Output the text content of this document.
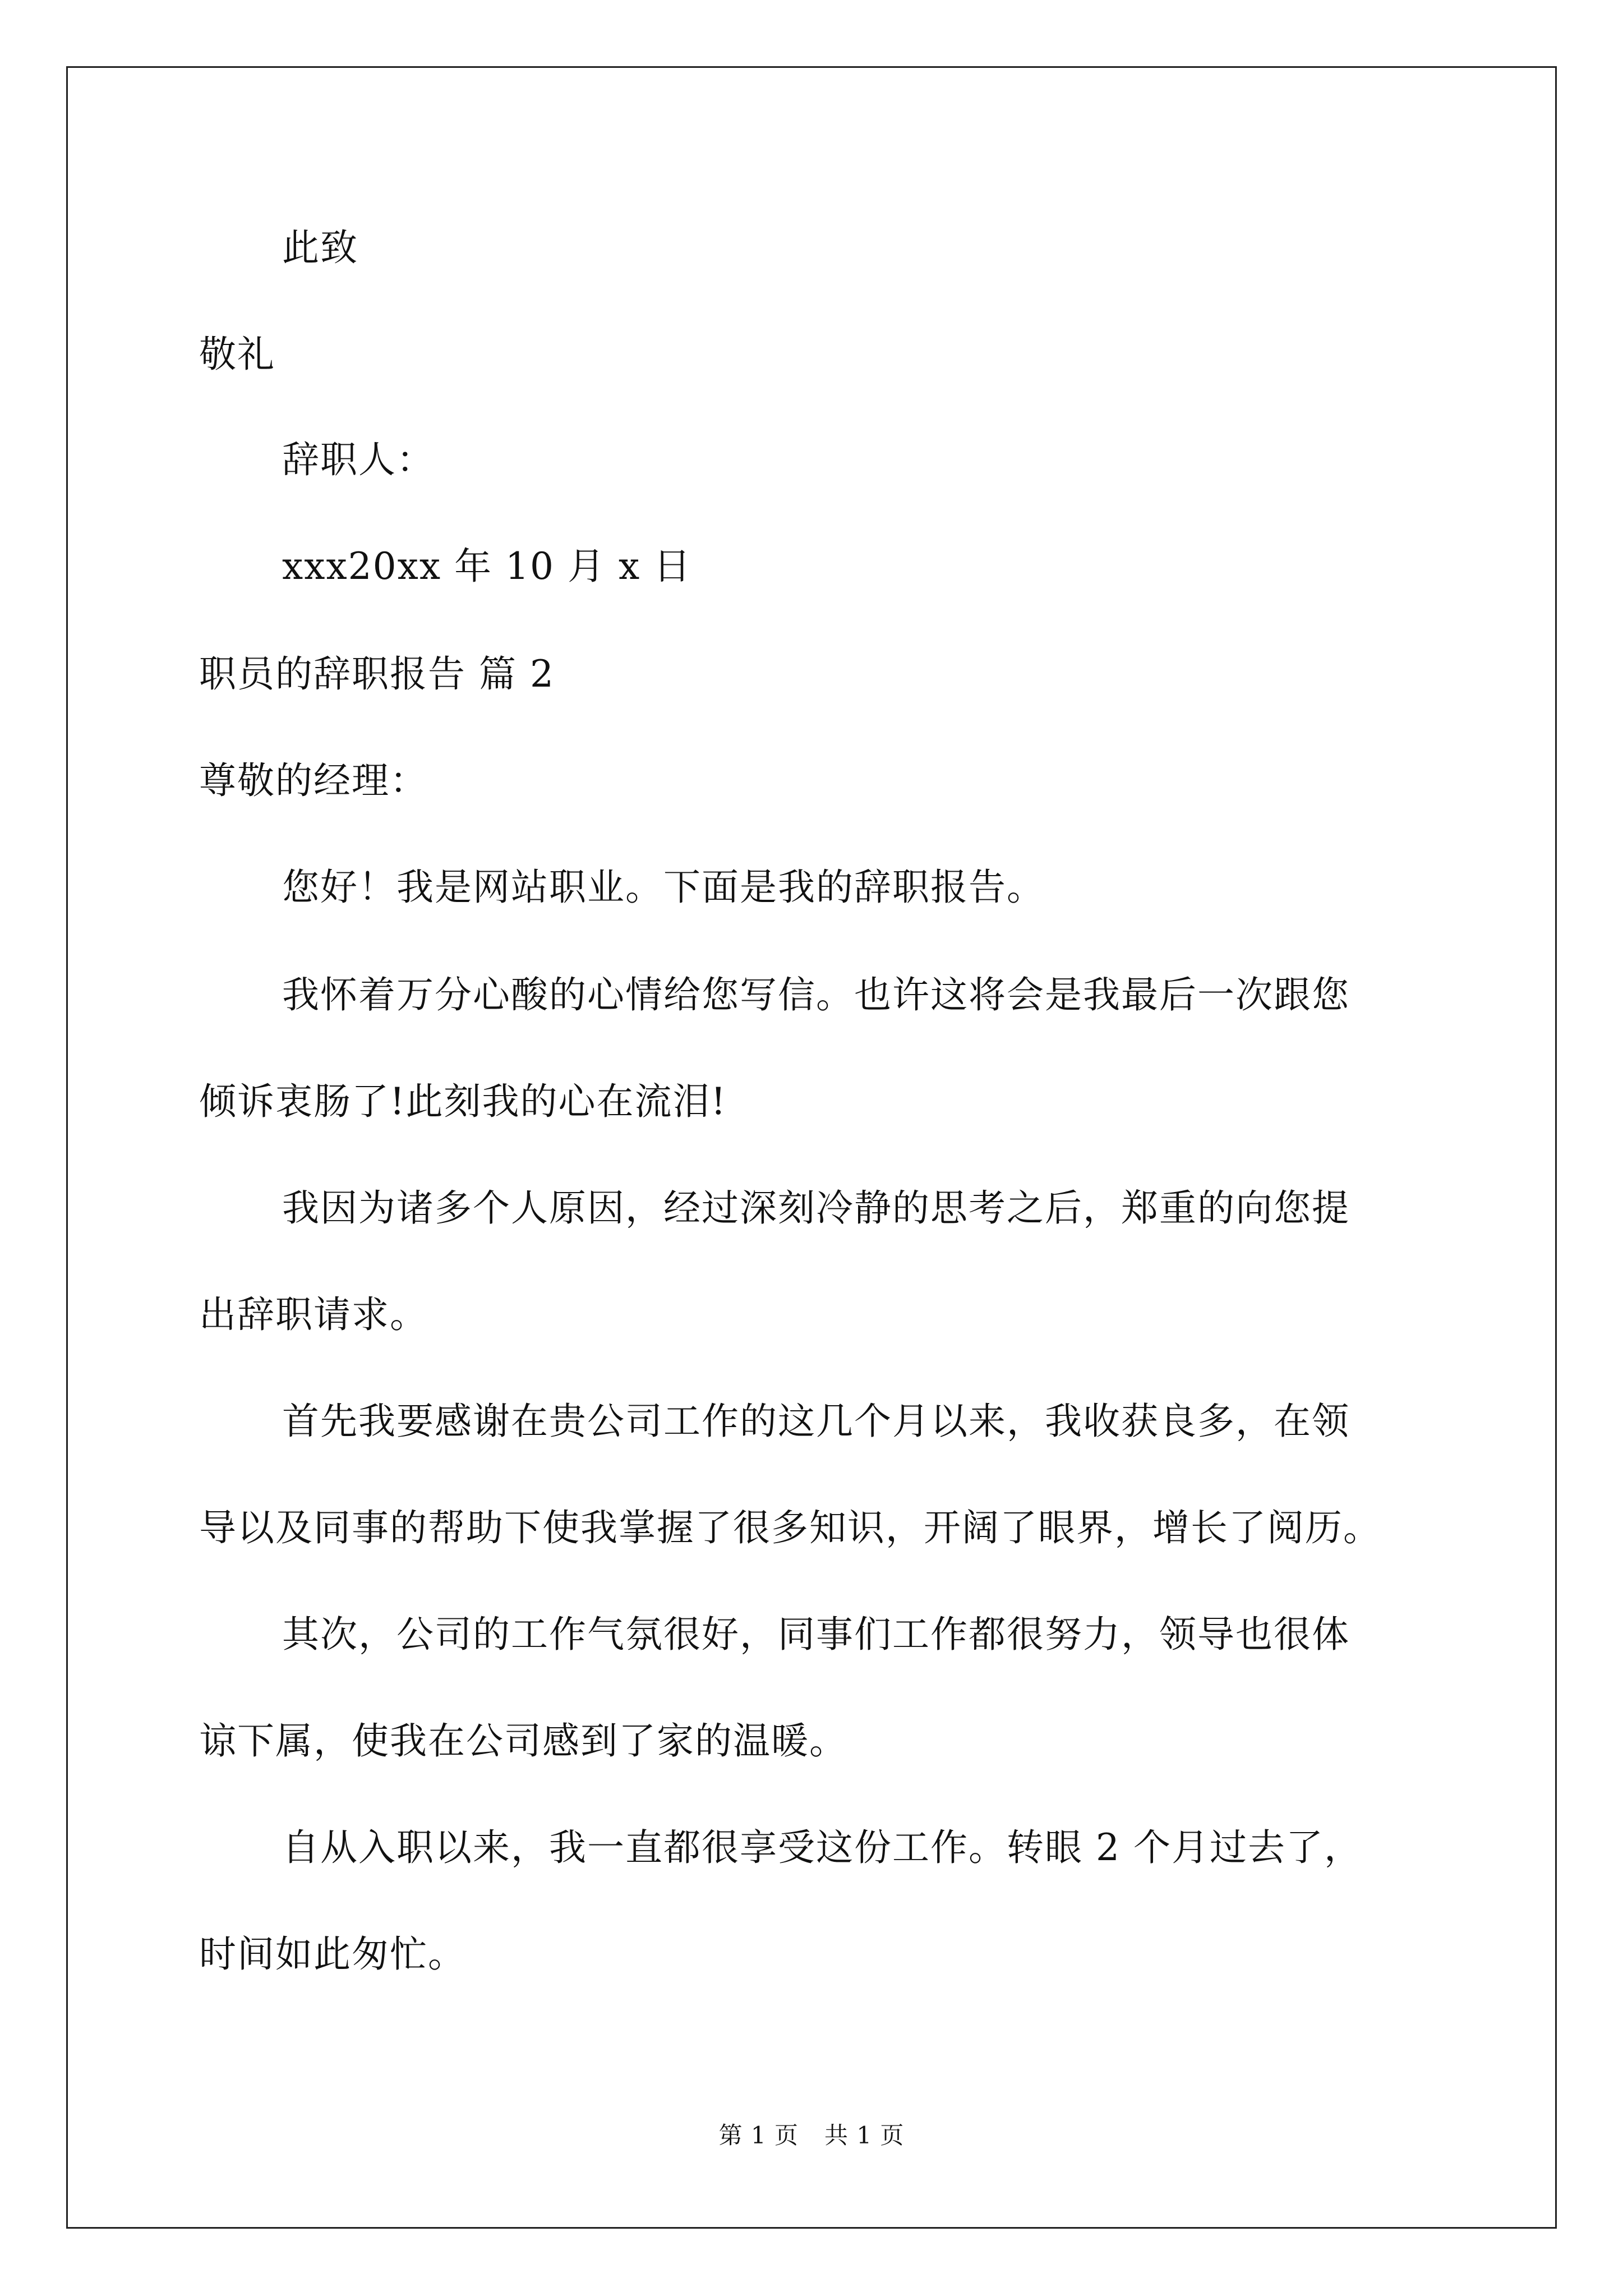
此致
敬礼
辞职人：
xxx20xx 年 10 月 x 日
职员的辞职报告 篇 2
尊敬的经理：
您好！我是网站职业。下面是我的辞职报告。
我怀着万分心酸的心情给您写信。也许这将会是我最后一次跟您
倾诉衷肠了!此刻我的心在流泪!
我因为诸多个人原因，经过深刻冷静的思考之后，郑重的向您提
出辞职请求。
首先我要感谢在贵公司工作的这几个月以来，我收获良多，在领
导以及同事的帮助下使我掌握了很多知识，开阔了眼界，增长了阅历。
其次，公司的工作气氛很好，同事们工作都很努力，领导也很体
谅下属，使我在公司感到了家的温暖。
自从入职以来，我一直都很享受这份工作。转眼 2 个月过去了，
时间如此匆忙。
第 1 页 共 1 页
